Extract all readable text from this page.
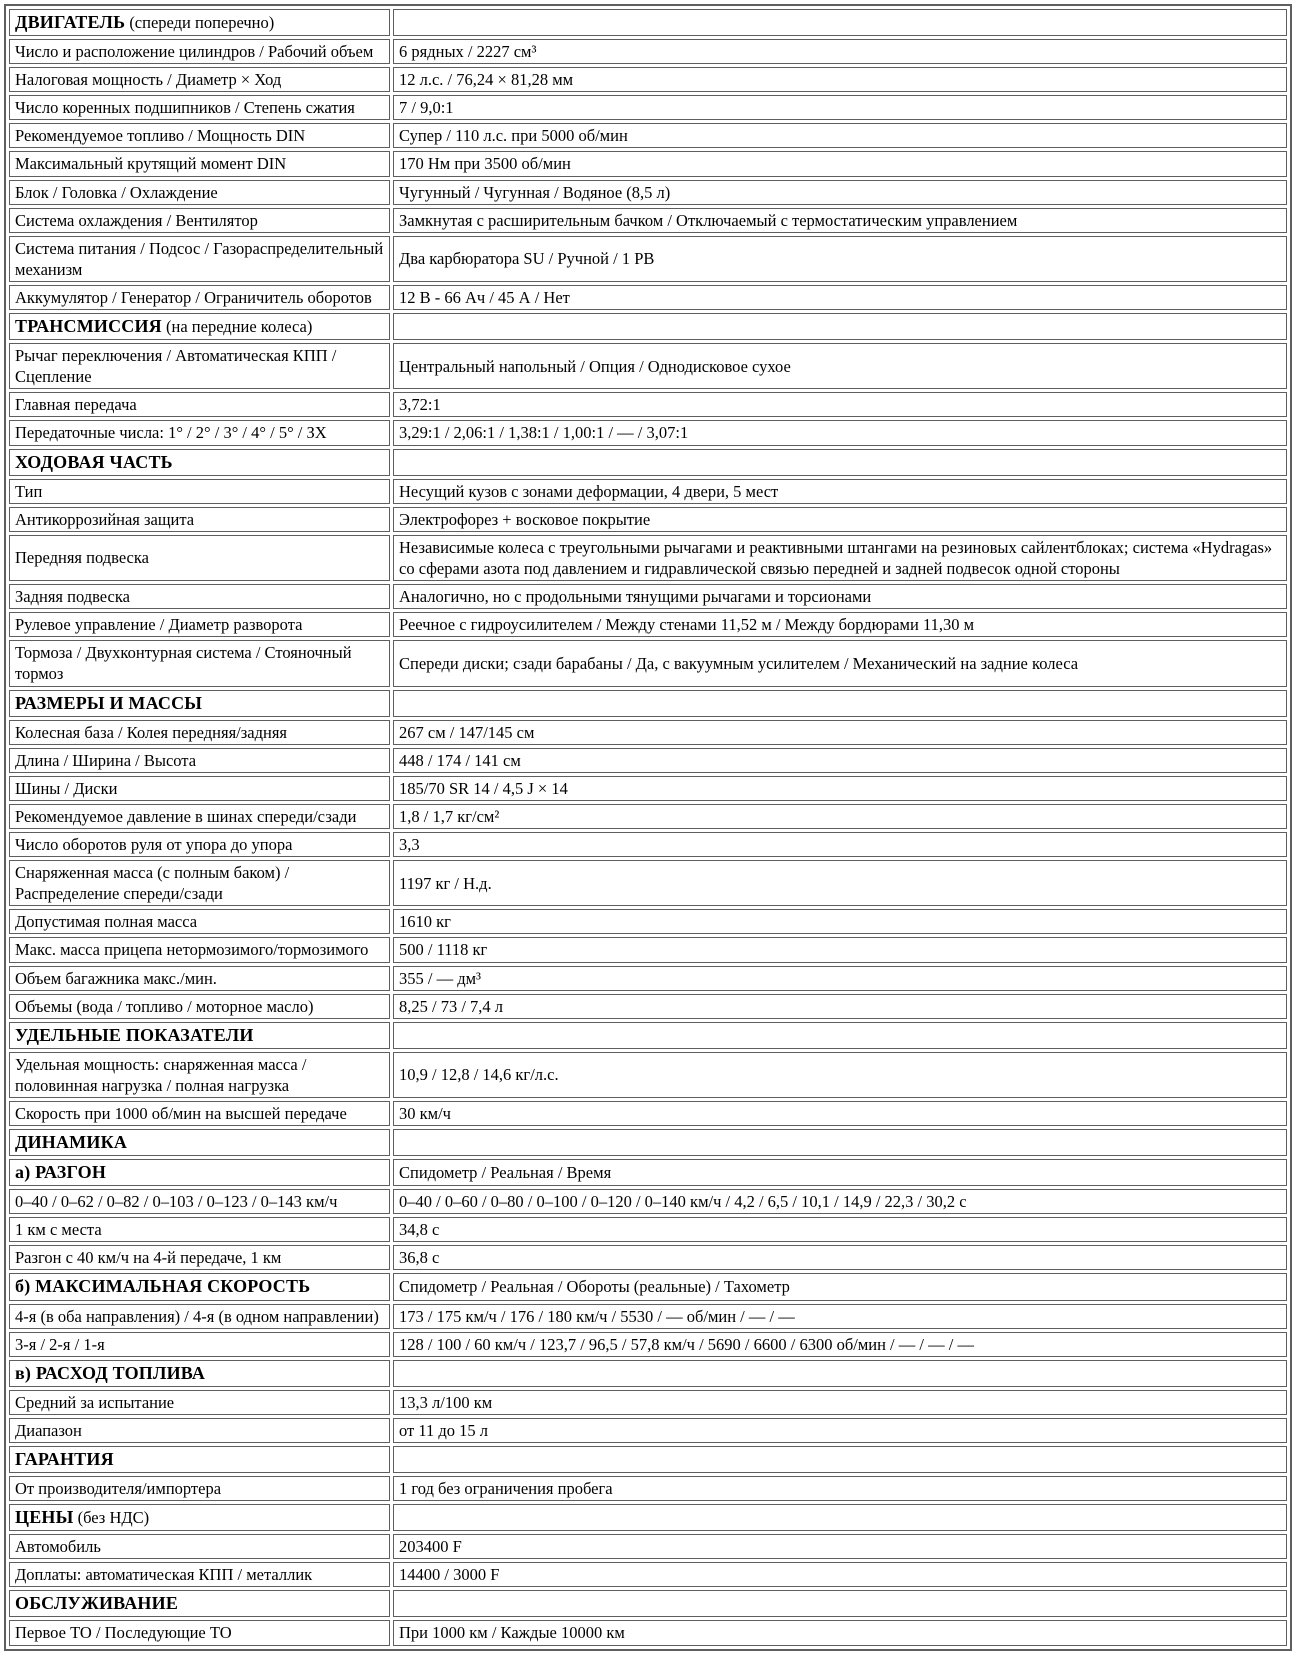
ДВИГАТЕЛЬ (спереди поперечно)	
Число и расположение цилиндров / Рабочий объем	6 рядных / 2227 см³
Налоговая мощность / Диаметр × Ход	12 л.с. / 76,24 × 81,28 мм
Число коренных подшипников / Степень сжатия	7 / 9,0:1
Рекомендуемое топливо / Мощность DIN	Супер / 110 л.с. при 5000 об/мин
Максимальный крутящий момент DIN	170 Нм при 3500 об/мин
Блок / Головка / Охлаждение	Чугунный / Чугунная / Водяное (8,5 л)
Система охлаждения / Вентилятор	Замкнутая с расширительным бачком / Отключаемый с термостатическим управлением
Система питания / Подсос / Газораспределительный механизм	Два карбюратора SU / Ручной / 1 РВ
Аккумулятор / Генератор / Ограничитель оборотов	12 В - 66 Ач / 45 А / Нет
ТРАНСМИССИЯ (на передние колеса)	
Рычаг переключения / Автоматическая КПП / Сцепление	Центральный напольный / Опция / Однодисковое сухое
Главная передача	3,72:1
Передаточные числа: 1° / 2° / 3° / 4° / 5° / ЗХ	3,29:1 / 2,06:1 / 1,38:1 / 1,00:1 / — / 3,07:1
ХОДОВАЯ ЧАСТЬ	
Тип	Несущий кузов с зонами деформации, 4 двери, 5 мест
Антикоррозийная защита	Электрофорез + восковое покрытие
Передняя подвеска	Независимые колеса с треугольными рычагами и реактивными штангами на резиновых сайлентблоках; система «Hydragas» со сферами азота под давлением и гидравлической связью передней и задней подвесок одной стороны
Задняя подвеска	Аналогично, но с продольными тянущими рычагами и торсионами
Рулевое управление / Диаметр разворота	Реечное с гидроусилителем / Между стенами 11,52 м / Между бордюрами 11,30 м
Тормоза / Двухконтурная система / Стояночный тормоз	Спереди диски; сзади барабаны / Да, с вакуумным усилителем / Механический на задние колеса
РАЗМЕРЫ И МАССЫ	
Колесная база / Колея передняя/задняя	267 см / 147/145 см
Длина / Ширина / Высота	448 / 174 / 141 см
Шины / Диски	185/70 SR 14 / 4,5 J × 14
Рекомендуемое давление в шинах спереди/сзади	1,8 / 1,7 кг/см²
Число оборотов руля от упора до упора	3,3
Снаряженная масса (с полным баком) / Распределение спереди/сзади	1197 кг / Н.д.
Допустимая полная масса	1610 кг
Макс. масса прицепа нетормозимого/тормозимого	500 / 1118 кг
Объем багажника макс./мин.	355 / — дм³
Объемы (вода / топливо / моторное масло)	8,25 / 73 / 7,4 л
УДЕЛЬНЫЕ ПОКАЗАТЕЛИ	
Удельная мощность: снаряженная масса / половинная нагрузка / полная нагрузка	10,9 / 12,8 / 14,6 кг/л.с.
Скорость при 1000 об/мин на высшей передаче	30 км/ч
ДИНАМИКА	
а) РАЗГОН	Спидометр / Реальная / Время
0–40 / 0–62 / 0–82 / 0–103 / 0–123 / 0–143 км/ч	0–40 / 0–60 / 0–80 / 0–100 / 0–120 / 0–140 км/ч / 4,2 / 6,5 / 10,1 / 14,9 / 22,3 / 30,2 с
1 км с места	34,8 с
Разгон с 40 км/ч на 4-й передаче, 1 км	36,8 с
б) МАКСИМАЛЬНАЯ СКОРОСТЬ	Спидометр / Реальная / Обороты (реальные) / Тахометр
4-я (в оба направления) / 4-я (в одном направлении)	173 / 175 км/ч / 176 / 180 км/ч / 5530 / — об/мин / — / —
3-я / 2-я / 1-я	128 / 100 / 60 км/ч / 123,7 / 96,5 / 57,8 км/ч / 5690 / 6600 / 6300 об/мин / — / — / —
в) РАСХОД ТОПЛИВА	
Средний за испытание	13,3 л/100 км
Диапазон	от 11 до 15 л
ГАРАНТИЯ	
От производителя/импортера	1 год без ограничения пробега
ЦЕНЫ (без НДС)	
Автомобиль	203400 F
Доплаты: автоматическая КПП / металлик	14400 / 3000 F
ОБСЛУЖИВАНИЕ	
Первое ТО / Последующие ТО	При 1000 км / Каждые 10000 км
